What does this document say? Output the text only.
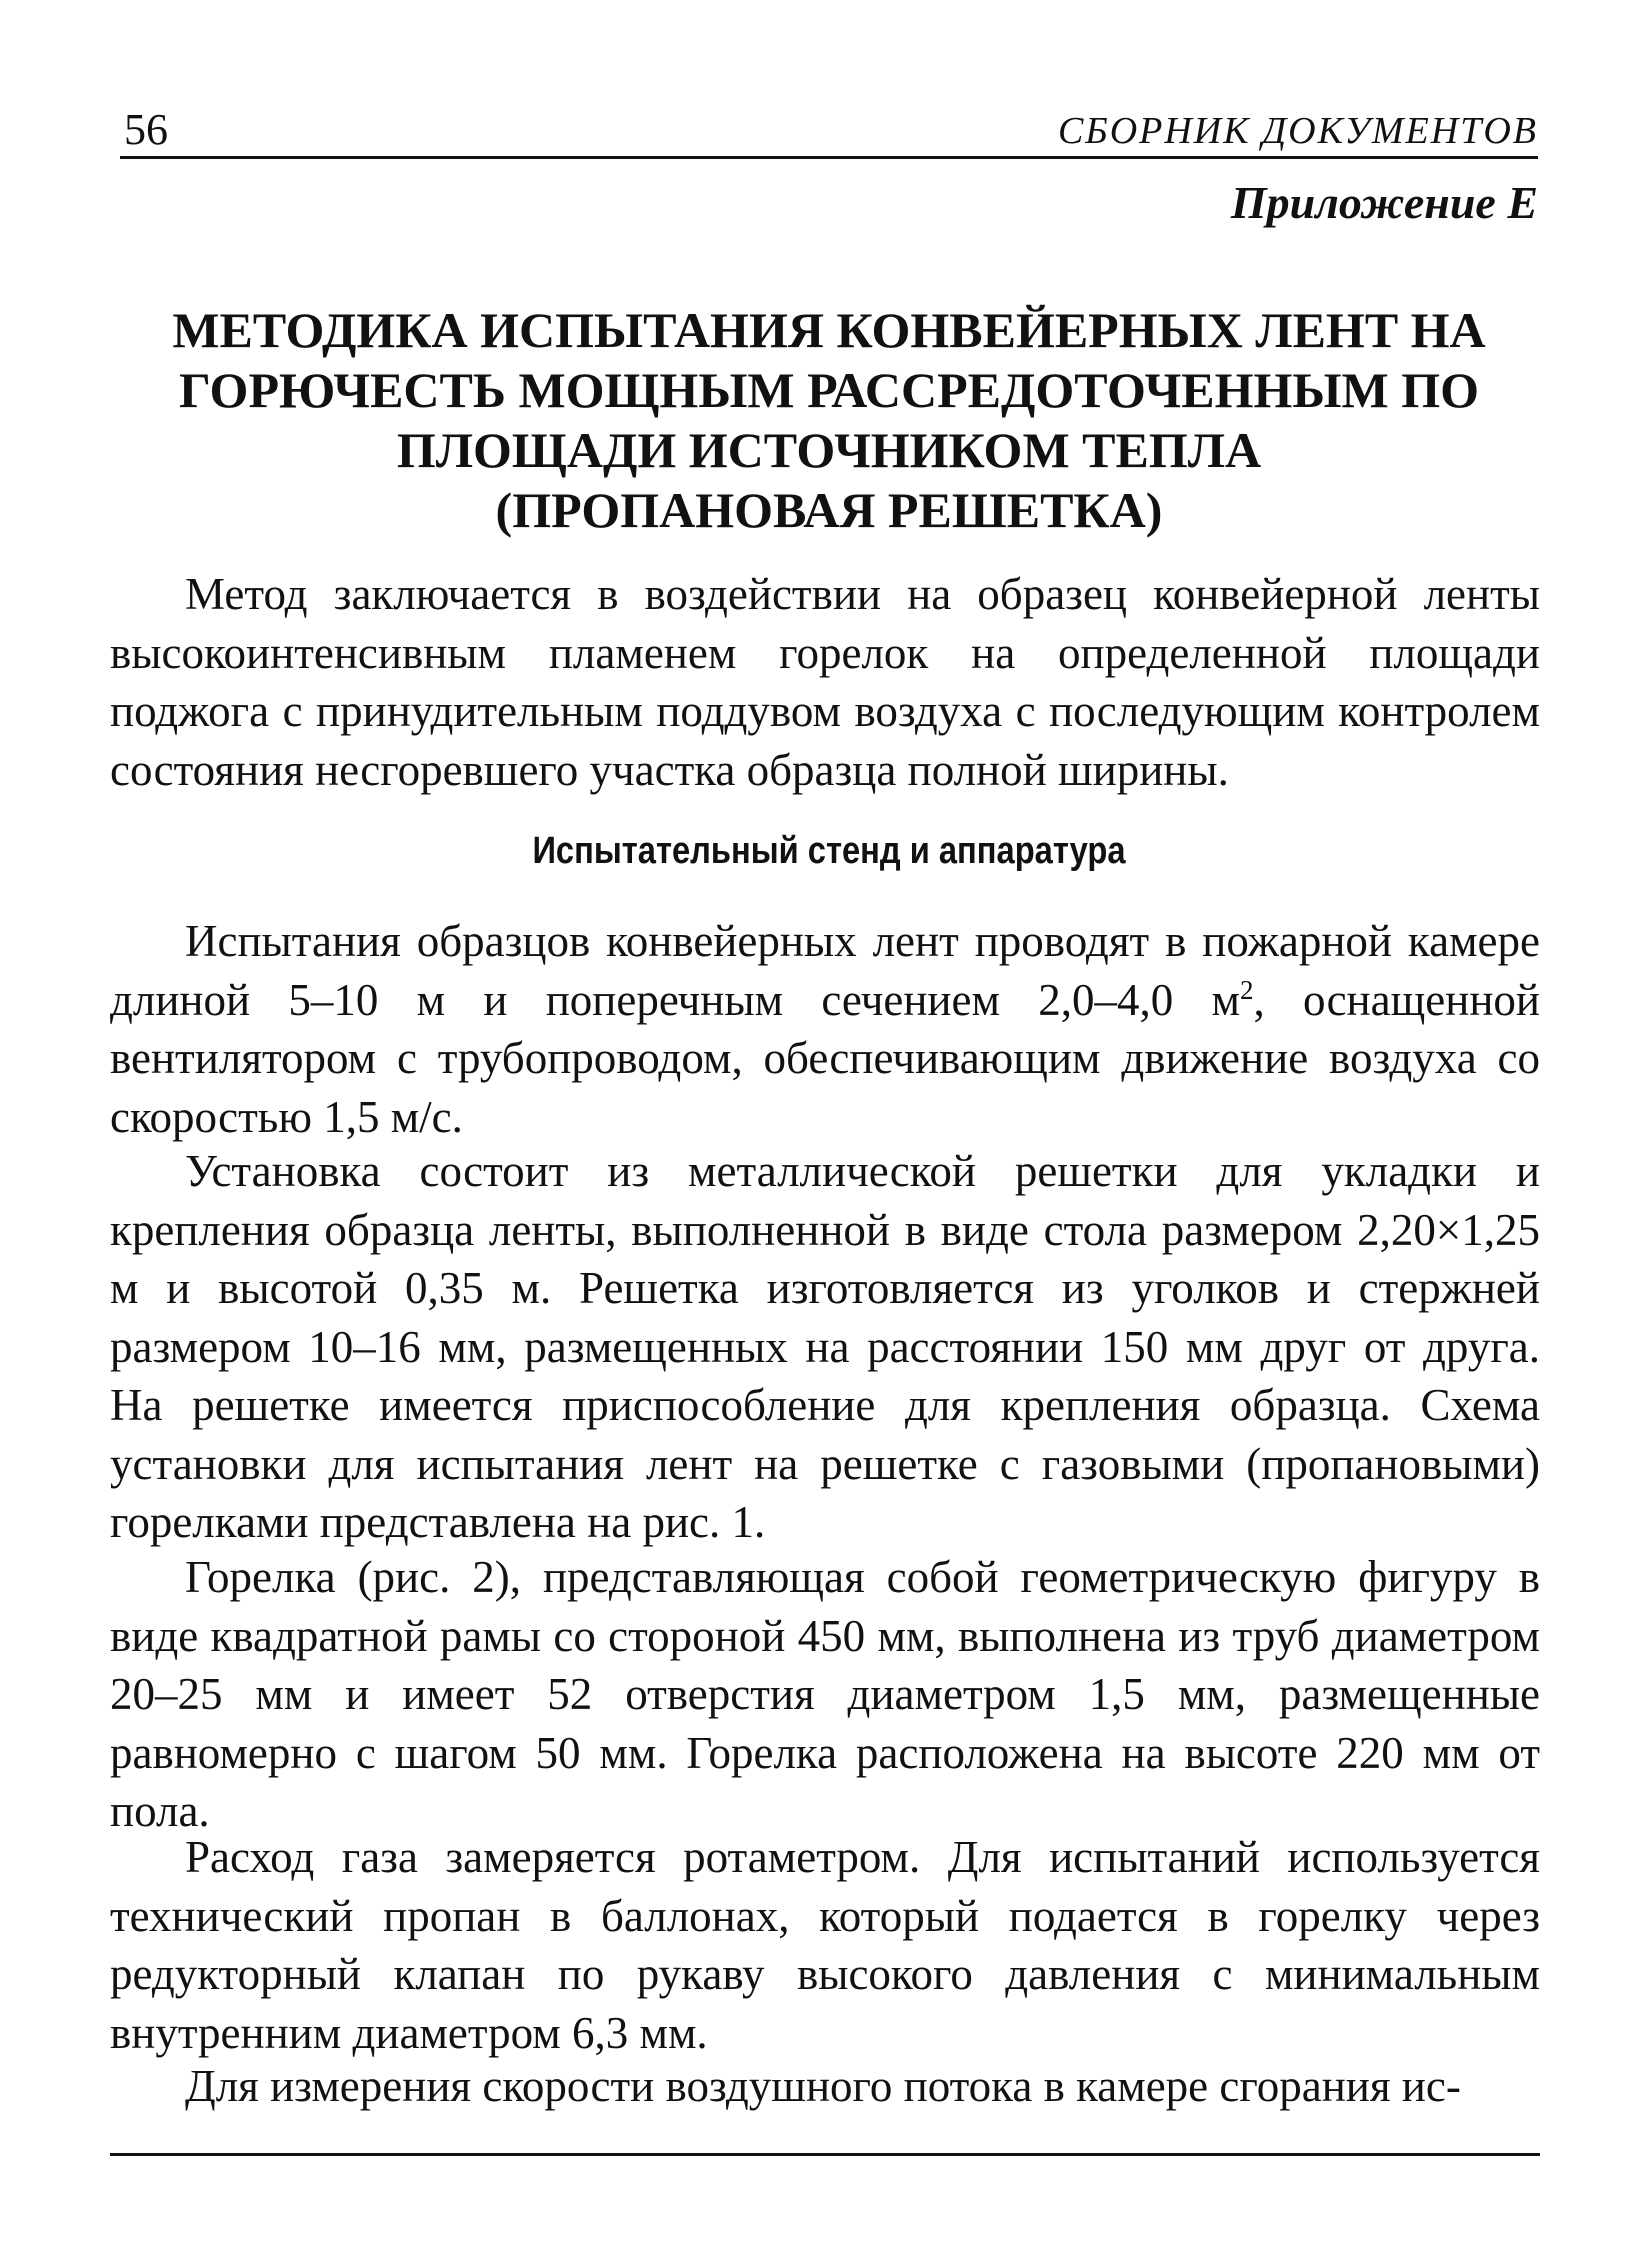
56	СБОРНИК ДОКУМЕНТОВ
Приложение Е
МЕТОДИКА ИСПЫТАНИЯ КОНВЕЙЕРНЫХ ЛЕНТ НА
ГОРЮЧЕСТЬ МОЩНЫМ РАССРЕДОТОЧЕННЫМ ПО
ПЛОЩАДИ ИСТОЧНИКОМ ТЕПЛА
(ПРОПАНОВАЯ РЕШЕТКА)

Метод заключается в воздействии на образец конвейерной ленты высокоинтенсивным пламенем горелок на определенной площади поджога с принудительным поддувом воздуха с последующим контролем состояния несгоревшего участка образца полной ширины.

Испытательный стенд и аппаратура

Испытания образцов конвейерных лент проводят в пожарной камере длиной 5–10 м и поперечным сечением 2,0–4,0 $м^2$, оснащенной вентилятором с трубопроводом, обеспечивающим движение воздуха со скоростью 1,5 м/с.

Установка состоит из металлической решетки для укладки и крепления образца ленты, выполненной в виде стола размером 2,20×1,25 м и высотой 0,35 м. Решетка изготовляется из уголков и стержней размером 10–16 мм, размещенных на расстоянии 150 мм друг от друга. На решетке имеется приспособление для крепления образца. Схема установки для испытания лент на решетке с газовыми (пропановыми) горелками представлена на рис. 1.

Горелка (рис. 2), представляющая собой геометрическую фигуру в виде квадратной рамы со стороной 450 мм, выполнена из труб диаметром 20–25 мм и имеет 52 отверстия диаметром 1,5 мм, размещенные равномерно с шагом 50 мм. Горелка расположена на высоте 220 мм от пола.

Расход газа замеряется ротаметром. Для испытаний используется технический пропан в баллонах, который подается в горелку через редукторный клапан по рукаву высокого давления с минимальным внутренним диаметром 6,3 мм.

Для измерения скорости воздушного потока в камере сгорания ис-
